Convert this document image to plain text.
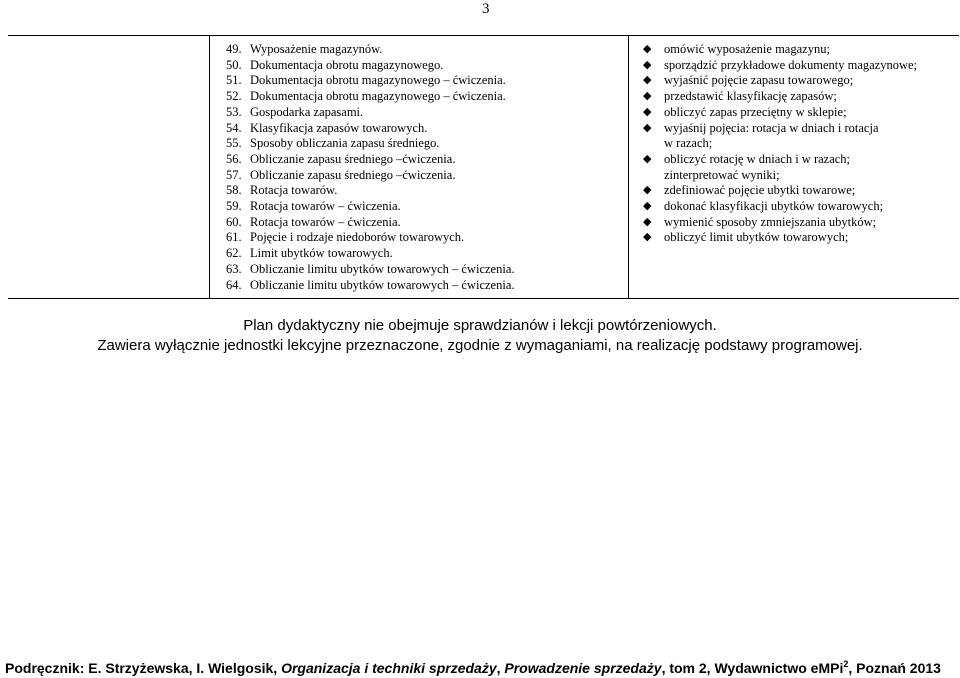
3
49. Wyposażenie magazynów.
50. Dokumentacja obrotu magazynowego.
51. Dokumentacja obrotu magazynowego – ćwiczenia.
52. Dokumentacja obrotu magazynowego – ćwiczenia.
53. Gospodarka zapasami.
54. Klasyfikacja zapasów towarowych.
55. Sposoby obliczania zapasu średniego.
56. Obliczanie zapasu średniego –ćwiczenia.
57. Obliczanie zapasu średniego –ćwiczenia.
58. Rotacja towarów.
59. Rotacja towarów – ćwiczenia.
60. Rotacja towarów – ćwiczenia.
61. Pojęcie i rodzaje niedoborów towarowych.
62. Limit ubytków towarowych.
63. Obliczanie limitu ubytków towarowych – ćwiczenia.
64. Obliczanie limitu ubytków towarowych – ćwiczenia.
◆ omówić wyposażenie magazynu;
◆ sporządzić przykładowe dokumenty magazynowe;
◆ wyjaśnić pojęcie zapasu towarowego;
◆ przedstawić klasyfikację zapasów;
◆ obliczyć zapas przeciętny w sklepie;
◆ wyjaśnij pojęcia: rotacja w dniach i rotacja
w razach;
◆ obliczyć rotację w dniach i w razach;
zinterpretować wyniki;
◆ zdefiniować pojęcie ubytki towarowe;
◆ dokonać klasyfikacji ubytków towarowych;
◆ wymienić sposoby zmniejszania ubytków;
◆ obliczyć limit ubytków towarowych;
Plan dydaktyczny nie obejmuje sprawdzianów i lekcji powtórzeniowych.
Zawiera wyłącznie jednostki lekcyjne przeznaczone, zgodnie z wymaganiami, na realizację podstawy programowej.
Podręcznik: E. Strzyżewska, I. Wielgosik, Organizacja i techniki sprzedaży, Prowadzenie sprzedaży, tom 2, Wydawnictwo eMPi$^2$, Poznań 2013
